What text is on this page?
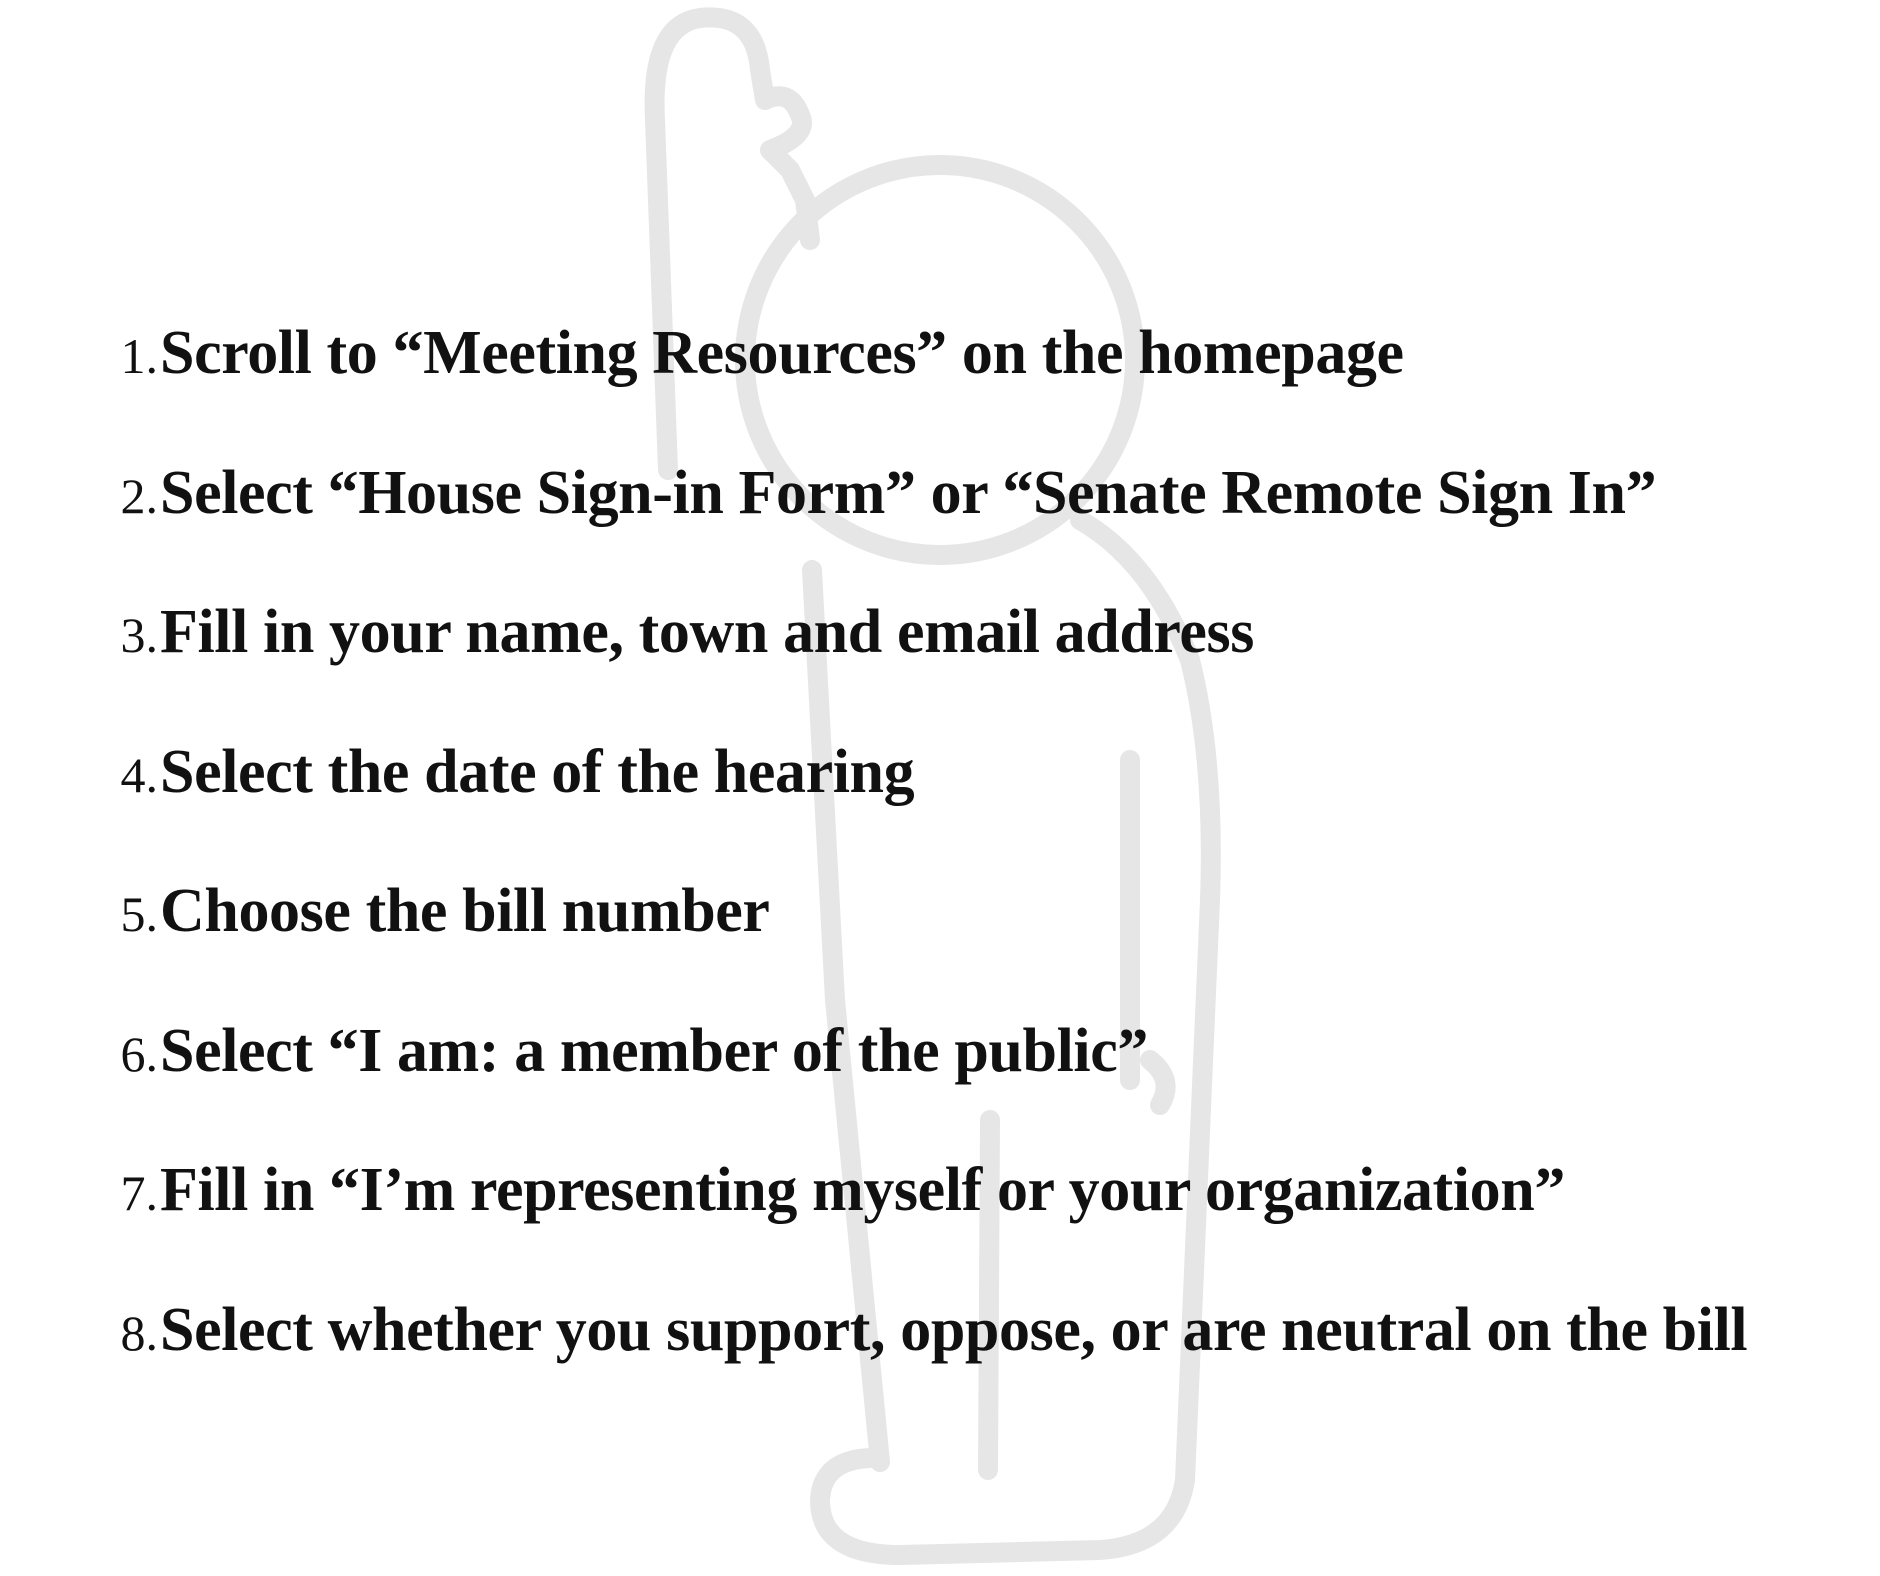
1. Scroll to “Meeting Resources” on the homepage
2. Select “House Sign-in Form” or “Senate Remote Sign In”
3. Fill in your name, town and email address
4. Select the date of the hearing
5. Choose the bill number
6. Select “I am: a member of the public”
7. Fill in “I’m representing myself or your organization”
8. Select whether you support, oppose, or are neutral on the bill
